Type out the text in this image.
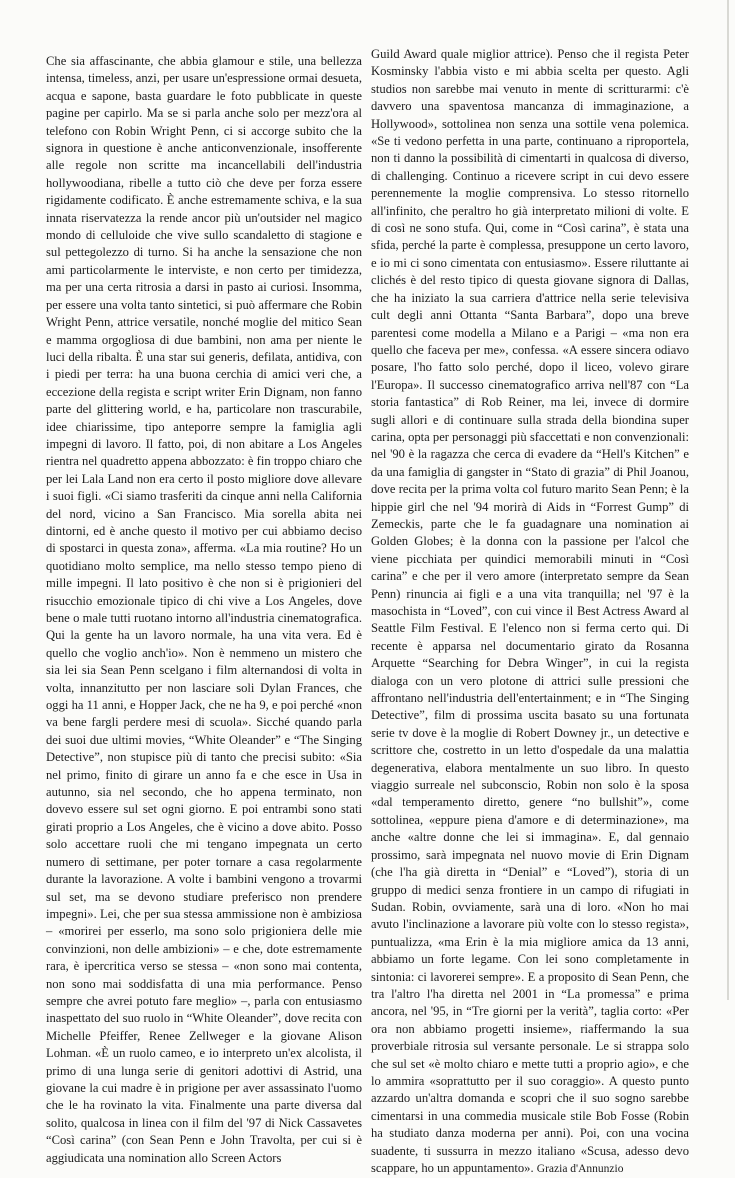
Che sia affascinante, che abbia glamour e stile, una bellezza intensa, timeless, anzi, per usare un'espressione ormai desueta, acqua e sapone, basta guardare le foto pubblicate in queste pagine per capirlo. Ma se si parla anche solo per mezz'ora al telefono con Robin Wright Penn, ci si accorge subito che la signora in questione è anche anticonvenzionale, insofferente alle regole non scritte ma incancellabili dell'industria hollywoodiana, ribelle a tutto ciò che deve per forza essere rigidamente codificato. È anche estremamente schiva, e la sua innata riservatezza la rende ancor più un'outsider nel magico mondo di celluloide che vive sullo scandaletto di stagione e sul pettegolezzo di turno. Si ha anche la sensazione che non ami particolarmente le interviste, e non certo per timidezza, ma per una certa ritrosia a darsi in pasto ai curiosi. Insomma, per essere una volta tanto sintetici, si può affermare che Robin Wright Penn, attrice versatile, nonché moglie del mitico Sean e mamma orgogliosa di due bambini, non ama per niente le luci della ribalta. È una star sui generis, defilata, antidiva, con i piedi per terra: ha una buona cerchia di amici veri che, a eccezione della regista e script writer Erin Dignam, non fanno parte del glittering world, e ha, particolare non trascurabile, idee chiarissime, tipo anteporre sempre la famiglia agli impegni di lavoro. Il fatto, poi, di non abitare a Los Angeles rientra nel quadretto appena abbozzato: è fin troppo chiaro che per lei Lala Land non era certo il posto migliore dove allevare i suoi figli. «Ci siamo trasferiti da cinque anni nella California del nord, vicino a San Francisco. Mia sorella abita nei dintorni, ed è anche questo il motivo per cui abbiamo deciso di spostarci in questa zona», afferma. «La mia routine? Ho un quotidiano molto semplice, ma nello stesso tempo pieno di mille impegni. Il lato positivo è che non si è prigionieri del risucchio emozionale tipico di chi vive a Los Angeles, dove bene o male tutti ruotano intorno all'industria cinematografica. Qui la gente ha un lavoro normale, ha una vita vera. Ed è quello che voglio anch'io». Non è nemmeno un mistero che sia lei sia Sean Penn scelgano i film alternandosi di volta in volta, innanzitutto per non lasciare soli Dylan Frances, che oggi ha 11 anni, e Hopper Jack, che ne ha 9, e poi perché «non va bene fargli perdere mesi di scuola». Sicché quando parla dei suoi due ultimi movies, “White Oleander” e “The Singing Detective”, non stupisce più di tanto che precisi subito: «Sia nel primo, finito di girare un anno fa e che esce in Usa in autunno, sia nel secondo, che ho appena terminato, non dovevo essere sul set ogni giorno. E poi entrambi sono stati girati proprio a Los Angeles, che è vicino a dove abito. Posso solo accettare ruoli che mi tengano impegnata un certo numero di settimane, per poter tornare a casa regolarmente durante la lavorazione. A volte i bambini vengono a trovarmi sul set, ma se devono studiare preferisco non prendere impegni». Lei, che per sua stessa ammissione non è ambiziosa – «morirei per esserlo, ma sono solo prigioniera delle mie convinzioni, non delle ambizioni» – e che, dote estremamente rara, è ipercritica verso se stessa – «non sono mai contenta, non sono mai soddisfatta di una mia performance. Penso sempre che avrei potuto fare meglio» –, parla con entusiasmo inaspettato del suo ruolo in “White Oleander”, dove recita con Michelle Pfeiffer, Renee Zellweger e la giovane Alison Lohman. «È un ruolo cameo, e io interpreto un'ex alcolista, il primo di una lunga serie di genitori adottivi di Astrid, una giovane la cui madre è in prigione per aver assassinato l'uomo che le ha rovinato la vita. Finalmente una parte diversa dal solito, qualcosa in linea con il film del '97 di Nick Cassavetes “Così carina” (con Sean Penn e John Travolta, per cui si è aggiudicata una nomination allo Screen Actors

Guild Award quale miglior attrice). Penso che il regista Peter Kosminsky l'abbia visto e mi abbia scelta per questo. Agli studios non sarebbe mai venuto in mente di scritturarmi: c'è davvero una spaventosa mancanza di immaginazione, a Hollywood», sottolinea non senza una sottile vena polemica. «Se ti vedono perfetta in una parte, continuano a riproportela, non ti danno la possibilità di cimentarti in qualcosa di diverso, di challenging. Continuo a ricevere script in cui devo essere perennemente la moglie comprensiva. Lo stesso ritornello all'infinito, che peraltro ho già interpretato milioni di volte. E di così ne sono stufa. Qui, come in “Così carina”, è stata una sfida, perché la parte è complessa, presuppone un certo lavoro, e io mi ci sono cimentata con entusiasmo». Essere riluttante ai clichés è del resto tipico di questa giovane signora di Dallas, che ha iniziato la sua carriera d'attrice nella serie televisiva cult degli anni Ottanta “Santa Barbara”, dopo una breve parentesi come modella a Milano e a Parigi – «ma non era quello che faceva per me», confessa. «A essere sincera odiavo posare, l'ho fatto solo perché, dopo il liceo, volevo girare l'Europa». Il successo cinematografico arriva nell'87 con “La storia fantastica” di Rob Reiner, ma lei, invece di dormire sugli allori e di continuare sulla strada della biondina super carina, opta per personaggi più sfaccettati e non convenzionali: nel '90 è la ragazza che cerca di evadere da “Hell's Kitchen” e da una famiglia di gangster in “Stato di grazia” di Phil Joanou, dove recita per la prima volta col futuro marito Sean Penn; è la hippie girl che nel '94 morirà di Aids in “Forrest Gump” di Zemeckis, parte che le fa guadagnare una nomination ai Golden Globes; è la donna con la passione per l'alcol che viene picchiata per quindici memorabili minuti in “Così carina” e che per il vero amore (interpretato sempre da Sean Penn) rinuncia ai figli e a una vita tranquilla; nel '97 è la masochista in “Loved”, con cui vince il Best Actress Award al Seattle Film Festival. E l'elenco non si ferma certo qui. Di recente è apparsa nel documentario girato da Rosanna Arquette “Searching for Debra Winger”, in cui la regista dialoga con un vero plotone di attrici sulle pressioni che affrontano nell'industria dell'entertainment; e in “The Singing Detective”, film di prossima uscita basato su una fortunata serie tv dove è la moglie di Robert Downey jr., un detective e scrittore che, costretto in un letto d'ospedale da una malattia degenerativa, elabora mentalmente un suo libro. In questo viaggio surreale nel subconscio, Robin non solo è la sposa «dal temperamento diretto, genere “no bullshit”», come sottolinea, «eppure piena d'amore e di determinazione», ma anche «altre donne che lei si immagina». E, dal gennaio prossimo, sarà impegnata nel nuovo movie di Erin Dignam (che l'ha già diretta in “Denial” e “Loved”), storia di un gruppo di medici senza frontiere in un campo di rifugiati in Sudan. Robin, ovviamente, sarà una di loro. «Non ho mai avuto l'inclinazione a lavorare più volte con lo stesso regista», puntualizza, «ma Erin è la mia migliore amica da 13 anni, abbiamo un forte legame. Con lei sono completamente in sintonia: ci lavorerei sempre». E a proposito di Sean Penn, che tra l'altro l'ha diretta nel 2001 in “La promessa” e prima ancora, nel '95, in “Tre giorni per la verità”, taglia corto: «Per ora non abbiamo progetti insieme», riaffermando la sua proverbiale ritrosia sul versante personale. Le si strappa solo che sul set «è molto chiaro e mette tutti a proprio agio», e che lo ammira «soprattutto per il suo coraggio». A questo punto azzardo un'altra domanda e scopri che il suo sogno sarebbe cimentarsi in una commedia musicale stile Bob Fosse (Robin ha studiato danza moderna per anni). Poi, con una vocina suadente, ti sussurra in mezzo italiano «Scusa, adesso devo scappare, ho un appuntamento». Grazia d'Annunzio
